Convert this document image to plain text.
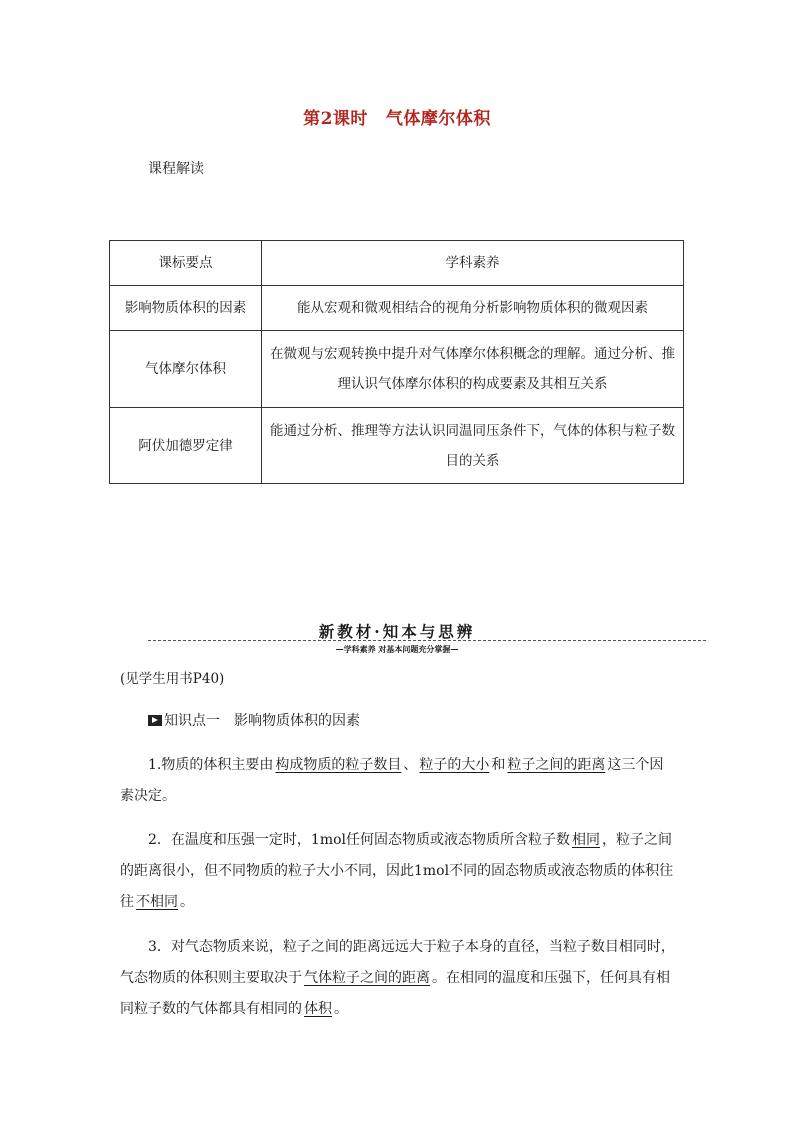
第2课时 气体摩尔体积
课程解读
课标要点	学科素养
影响物质体积的因素	能从宏观和微观相结合的视角分析影响物质体积的微观因素
气体摩尔体积	在微观与宏观转换中提升对气体摩尔体积概念的理解。通过分析、推理认识气体摩尔体积的构成要素及其相互关系
阿伏加德罗定律	能通过分析、推理等方法认识同温同压条件下，气体的体积与粒子数目的关系
新教材·知本与思辨
—学科素养 对基本问题充分掌握—
(见学生用书P40)
知识点一 影响物质体积的因素
1.物质的体积主要由 构成物质的粒子数目 、 粒子的大小 和 粒子之间的距离 这三个因素决定。
2．在温度和压强一定时，1mol任何固态物质或液态物质所含粒子数 相同 ，粒子之间的距离很小，但不同物质的粒子大小不同，因此1mol不同的固态物质或液态物质的体积往往 不相同 。
3．对气态物质来说，粒子之间的距离远远大于粒子本身的直径，当粒子数目相同时，气态物质的体积则主要取决于 气体粒子之间的距离 。在相同的温度和压强下，任何具有相同粒子数的气体都具有相同的 体积 。
